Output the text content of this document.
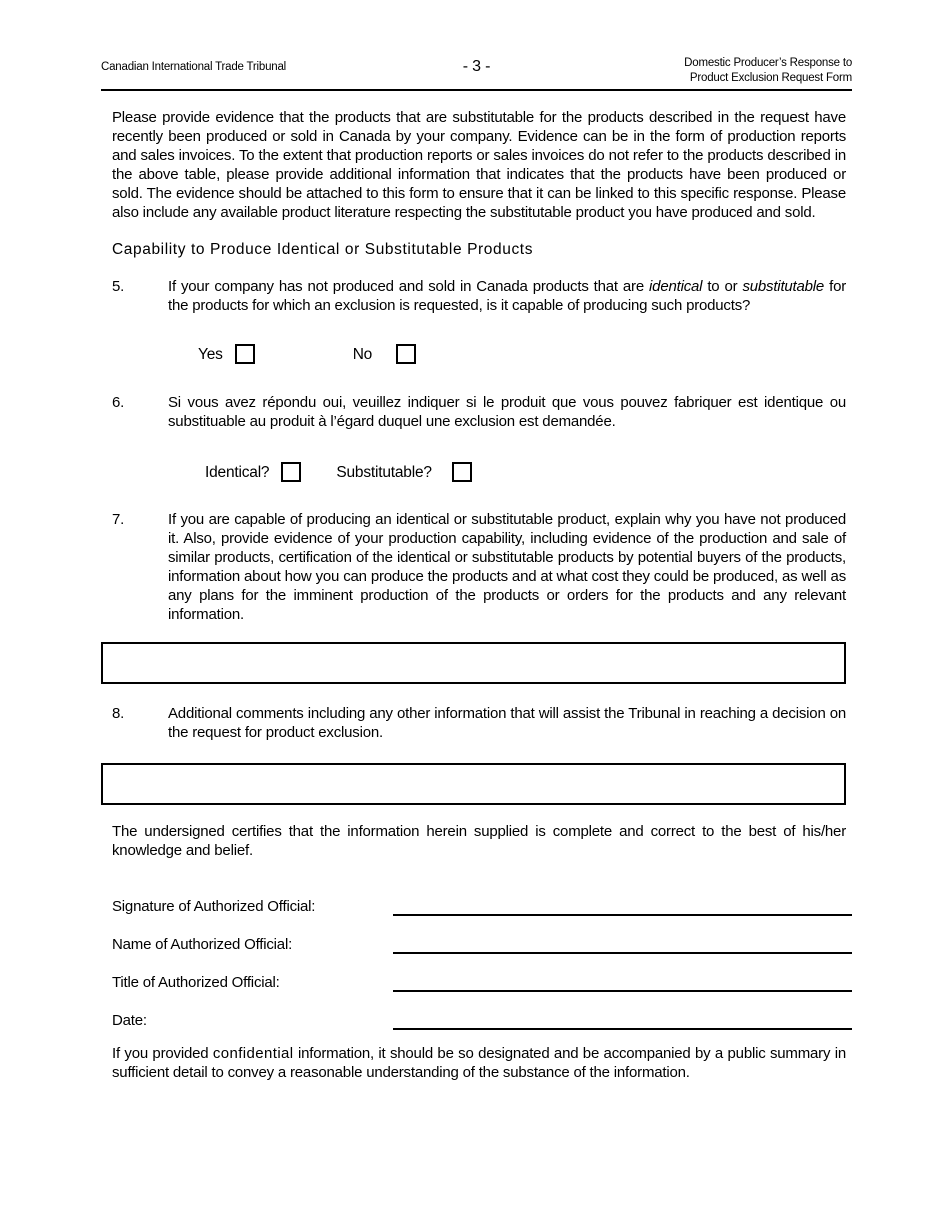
Canadian International Trade Tribunal	- 3 -	Domestic Producer’s Response to
Product Exclusion Request Form
Please provide evidence that the products that are substitutable for the products described in the request have recently been produced or sold in Canada by your company. Evidence can be in the form of production reports and sales invoices. To the extent that production reports or sales invoices do not refer to the products described in the above table, please provide additional information that indicates that the products have been produced or sold. The evidence should be attached to this form to ensure that it can be linked to this specific response. Please also include any available product literature respecting the substitutable product you have produced and sold.
Capability to Produce Identical or Substitutable Products
5.	If your company has not produced and sold in Canada products that are identical to or substitutable for the products for which an exclusion is requested, is it capable of producing such products?
Yes	No
6.	Si vous avez répondu oui, veuillez indiquer si le produit que vous pouvez fabriquer est identique ou substituable au produit à l’égard duquel une exclusion est demandée.
Identical?	Substitutable?
7.	If you are capable of producing an identical or substitutable product, explain why you have not produced it. Also, provide evidence of your production capability, including evidence of the production and sale of similar products, certification of the identical or substitutable products by potential buyers of the products, information about how you can produce the products and at what cost they could be produced, as well as any plans for the imminent production of the products or orders for the products and any relevant information.
8.	Additional comments including any other information that will assist the Tribunal in reaching a decision on the request for product exclusion.
The undersigned certifies that the information herein supplied is complete and correct to the best of his/her knowledge and belief.
Signature of Authorized Official:
Name of Authorized Official:
Title of Authorized Official:
Date:
If you provided confidential information, it should be so designated and be accompanied by a public summary in sufficient detail to convey a reasonable understanding of the substance of the information.
